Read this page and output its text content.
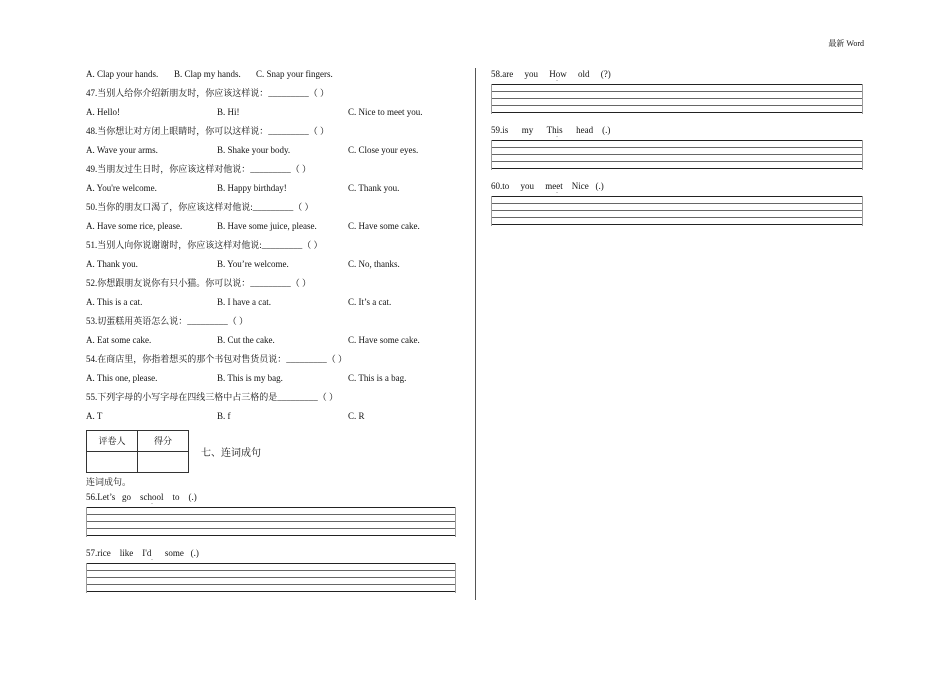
最新 Word
A. Clap your hands.	B. Clap my hands.	C. Snap your fingers.
47.当别人给你介绍新朋友时，你应该这样说：_________（ ）
A. Hello!	B. Hi!	C. Nice to meet you.
48.当你想让对方闭上眼睛时，你可以这样说：_________（ ）
A. Wave your arms.	B. Shake your body.	C. Close your eyes.
49.当朋友过生日时，你应该这样对他说：_________（ ）
A. You're welcome.	B. Happy birthday!	C. Thank you.
50.当你的朋友口渴了，你应该这样对他说:_________（ ）
A. Have some rice, please.	B. Have some juice, please.	C. Have some cake.
51.当别人向你说谢谢时，你应该这样对他说:_________（ ）
A. Thank you.	B. You’re welcome.	C. No, thanks.
52.你想跟朋友说你有只小猫。你可以说：_________（ ）
A. This is a cat.	B. I have a cat.	C. It’s a cat.
53.切蛋糕用英语怎么说：_________（ ）
A. Eat some cake.	B. Cut the cake.	C. Have some cake.
54.在商店里，你指着想买的那个书包对售货员说：_________（ ）
A. This one, please.	B. This is my bag.	C. This is a bag.
55.下列字母的小写字母在四线三格中占三格的是_________（ ）
A. T	B. f	C. R
评卷人	得分

七、连词成句
连词成句。
56.Let’s   go    school    to    (.)
-
57.rice    like    I'd      some   (.)
-
58.are     you     How     old     (?)
-
59.is      my      This      head    (.)
-
60.to     you     meet    Nice   (.)
-
